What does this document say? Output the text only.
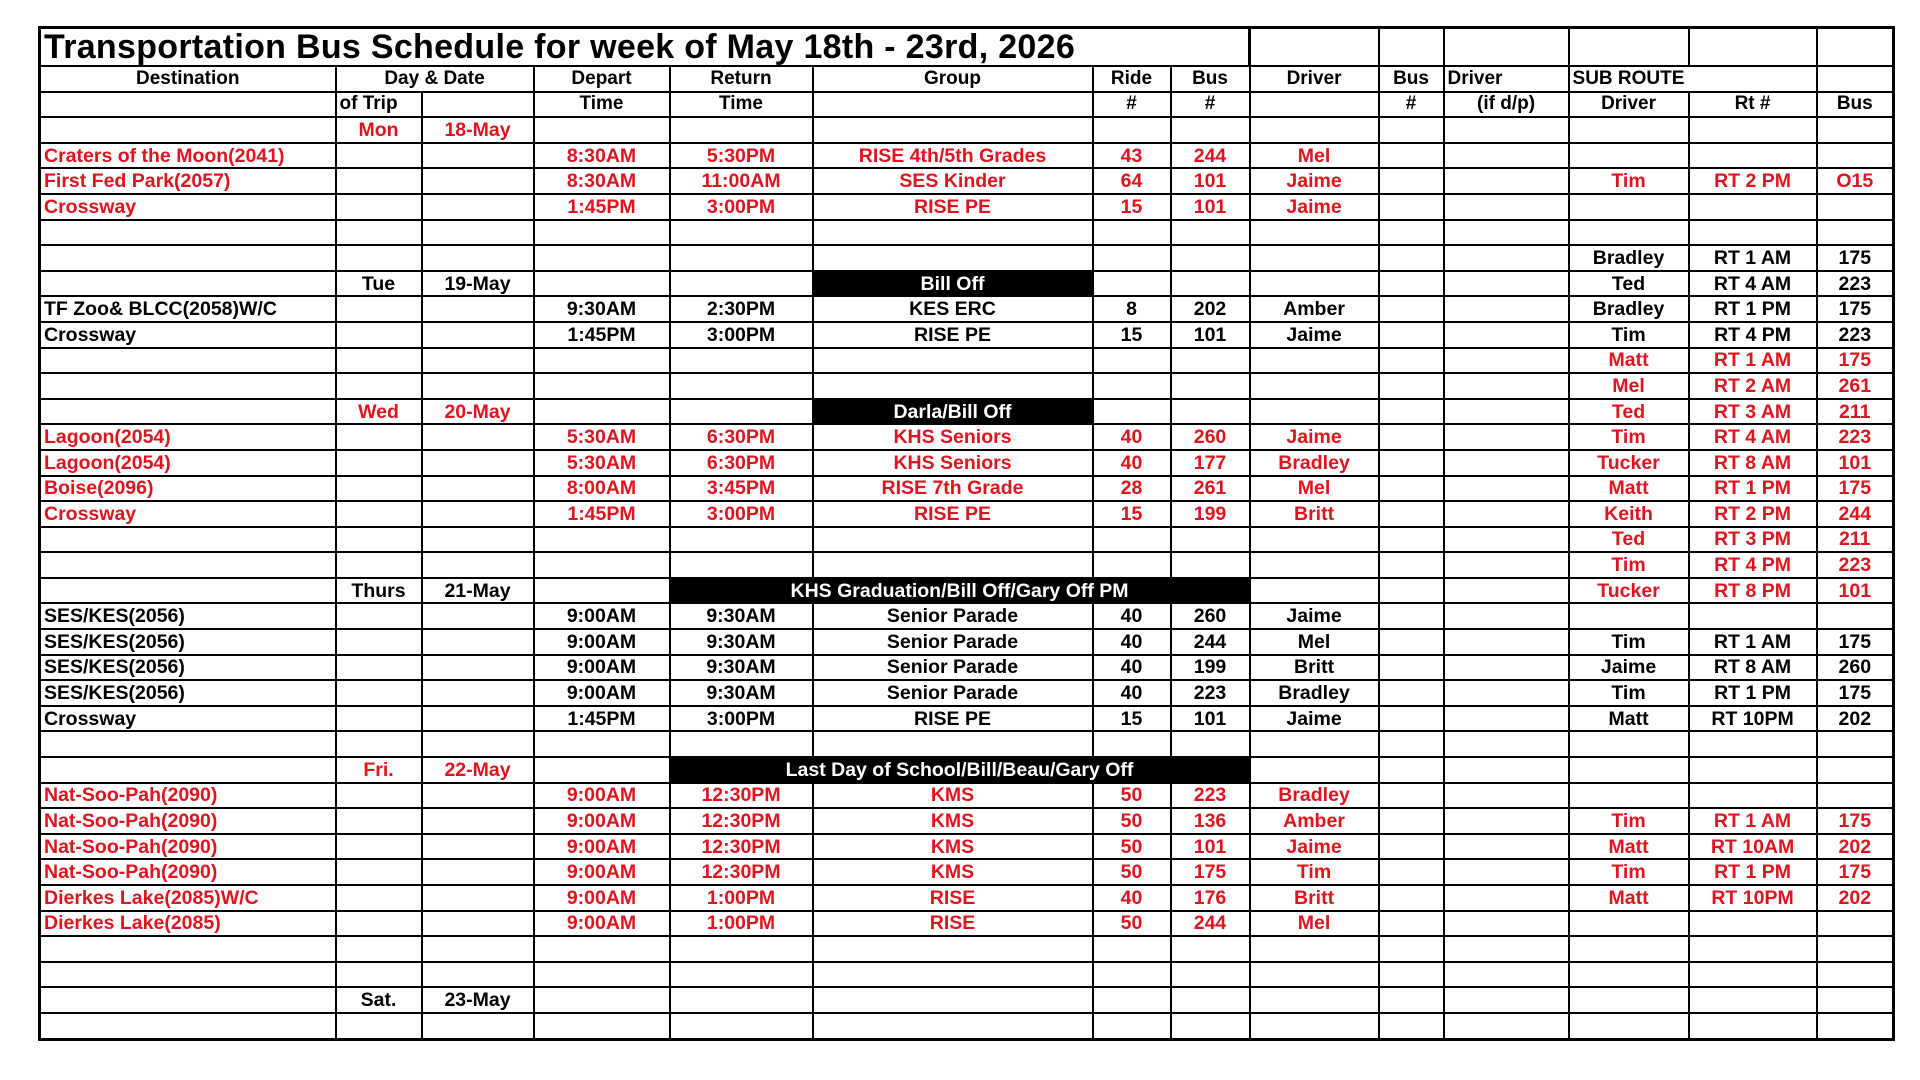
Transportation Bus Schedule for week of May 18th - 23rd, 2026													
Destination	Day & Date		Depart	Return	Group	Ride	Bus	Driver	Bus	Driver	SUB ROUTE		
	of Trip		Time	Time		#	#		#	(if d/p)	Driver	Rt #	Bus
	Mon	18-May											
Craters of the Moon(2041)			8:30AM	5:30PM	RISE 4th/5th Grades	43	244	Mel					
First Fed Park(2057)			8:30AM	11:00AM	SES Kinder	64	101	Jaime			Tim	RT 2 PM	O15
Crossway			1:45PM	3:00PM	RISE PE	15	101	Jaime					

											Bradley	RT 1 AM	175
	Tue	19-May			Bill Off						Ted	RT 4 AM	223
TF Zoo& BLCC(2058)W/C			9:30AM	2:30PM	KES ERC	8	202	Amber			Bradley	RT 1 PM	175
Crossway			1:45PM	3:00PM	RISE PE	15	101	Jaime			Tim	RT 4 PM	223
											Matt	RT 1 AM	175
											Mel	RT 2 AM	261
	Wed	20-May			Darla/Bill Off						Ted	RT 3 AM	211
Lagoon(2054)			5:30AM	6:30PM	KHS Seniors	40	260	Jaime			Tim	RT 4 AM	223
Lagoon(2054)			5:30AM	6:30PM	KHS Seniors	40	177	Bradley			Tucker	RT 8 AM	101
Boise(2096)			8:00AM	3:45PM	RISE 7th Grade	28	261	Mel			Matt	RT 1 PM	175
Crossway			1:45PM	3:00PM	RISE PE	15	199	Britt			Keith	RT 2 PM	244
											Ted	RT 3 PM	211
											Tim	RT 4 PM	223
	Thurs	21-May		KHS Graduation/Bill Off/Gary Off PM							Tucker	RT 8 PM	101
SES/KES(2056)			9:00AM	9:30AM	Senior Parade	40	260	Jaime					
SES/KES(2056)			9:00AM	9:30AM	Senior Parade	40	244	Mel			Tim	RT 1 AM	175
SES/KES(2056)			9:00AM	9:30AM	Senior Parade	40	199	Britt			Jaime	RT 8 AM	260
SES/KES(2056)			9:00AM	9:30AM	Senior Parade	40	223	Bradley			Tim	RT 1 PM	175
Crossway			1:45PM	3:00PM	RISE PE	15	101	Jaime			Matt	RT 10PM	202

	Fri.	22-May		Last Day of School/Bill/Beau/Gary Off									
Nat-Soo-Pah(2090)			9:00AM	12:30PM	KMS	50	223	Bradley					
Nat-Soo-Pah(2090)			9:00AM	12:30PM	KMS	50	136	Amber			Tim	RT 1 AM	175
Nat-Soo-Pah(2090)			9:00AM	12:30PM	KMS	50	101	Jaime			Matt	RT 10AM	202
Nat-Soo-Pah(2090)			9:00AM	12:30PM	KMS	50	175	Tim			Tim	RT 1 PM	175
Dierkes Lake(2085)W/C			9:00AM	1:00PM	RISE	40	176	Britt			Matt	RT 10PM	202
Dierkes Lake(2085)			9:00AM	1:00PM	RISE	50	244	Mel					

	Sat.	23-May											
